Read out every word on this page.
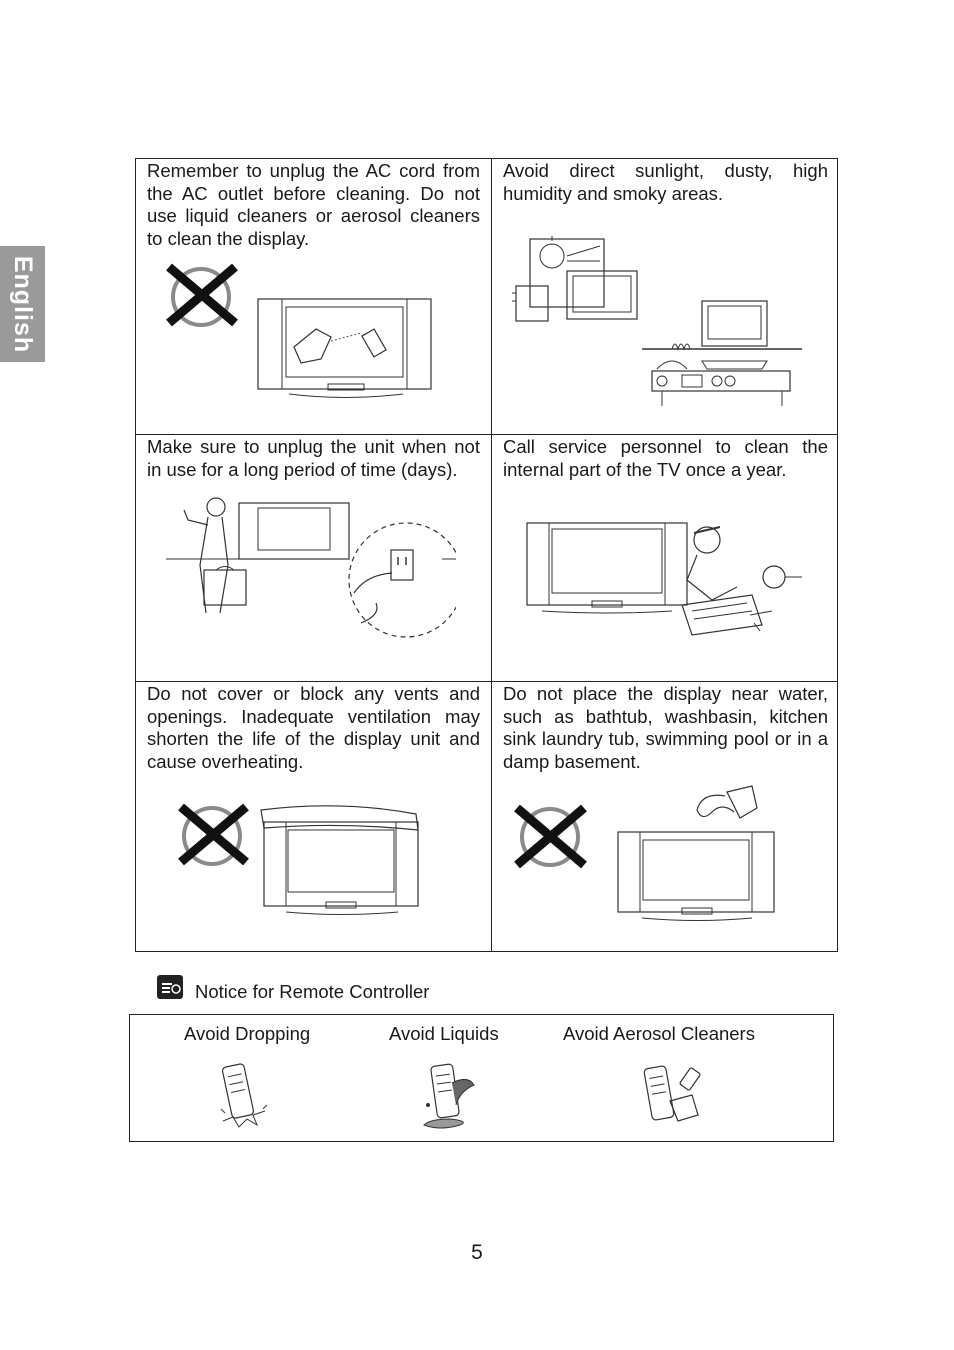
English

Remember to unplug the AC cord from the AC outlet before cleaning. Do not use liquid cleaners or aerosol cleaners to clean the display.

Avoid direct sunlight, dusty, high humidity and smoky areas.

Make sure to unplug the unit when not in use for a long period of time (days).

Call service personnel to clean the internal part of the TV once a year.

Do not cover or block any vents and openings. Inadequate ventilation may shorten the life of the display unit and cause overheating.

Do not place the display near water, such as bathtub, washbasin, kitchen sink laundry tub, swimming pool or in a damp basement.

Notice for Remote Controller
Avoid Dropping	Avoid Liquids	Avoid Aerosol Cleaners
5
